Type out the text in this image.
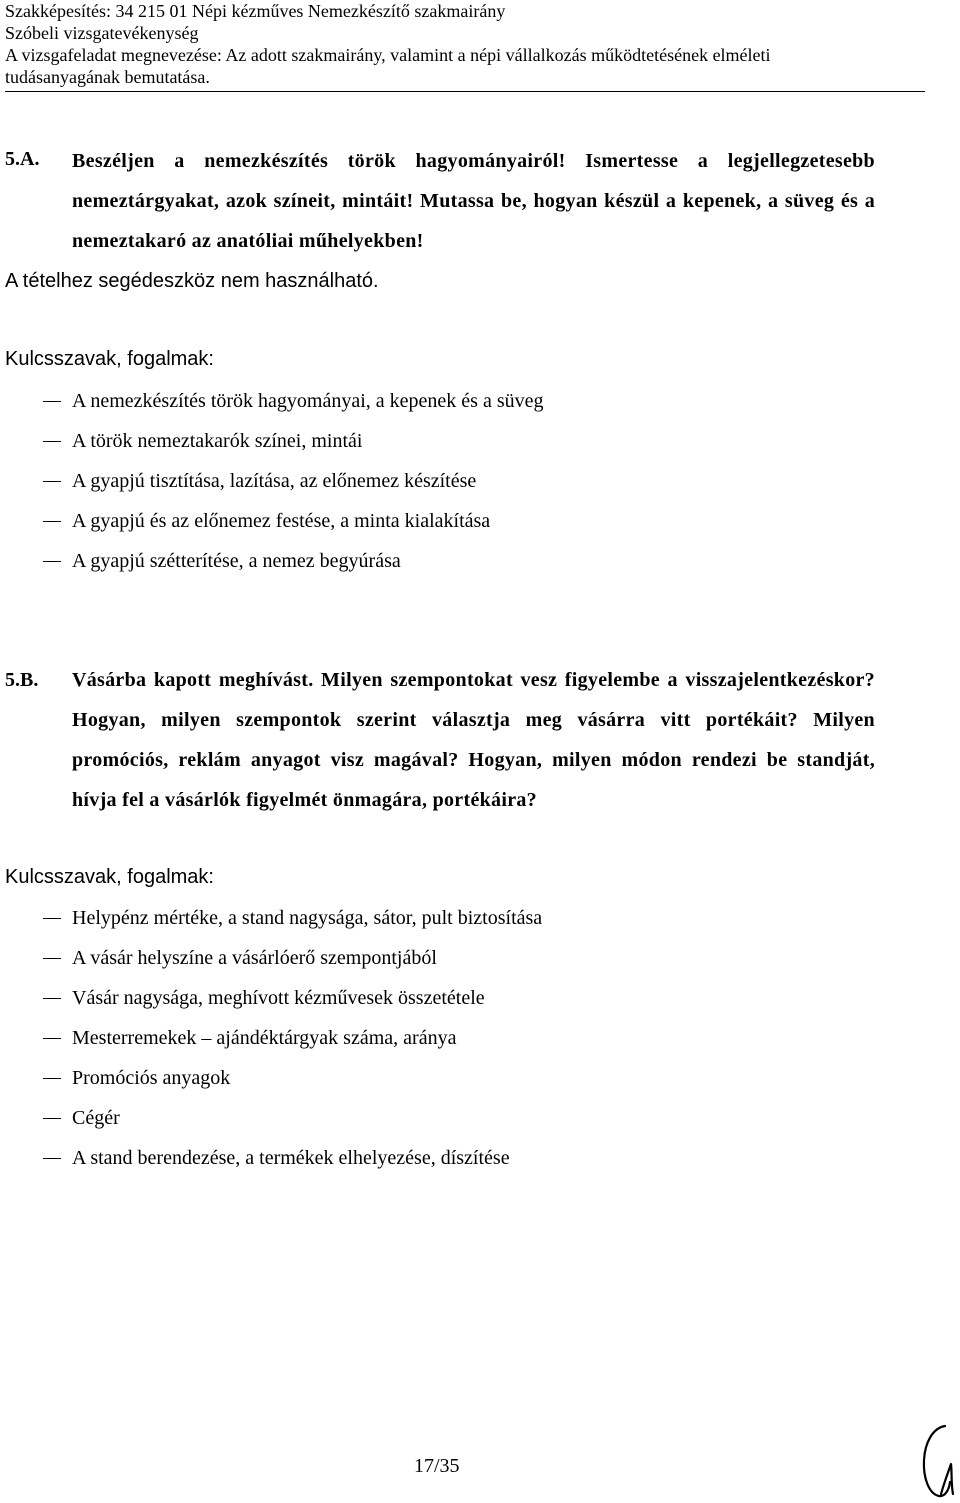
Szakképesítés: 34 215 01 Népi kézműves Nemezkészítő szakmairány
Szóbeli vizsgatevékenység
A vizsgafeladat megnevezése: Az adott szakmairány, valamint a népi vállalkozás működtetésének elméleti
tudásanyagának bemutatása.
5.A. Beszéljen a nemezkészítés török hagyományairól! Ismertesse a legjellegzetesebb nemeztárgyakat, azok színeit, mintáit! Mutassa be, hogyan készül a kepenek, a süveg és a nemeztakaró az anatóliai műhelyekben!
A tételhez segédeszköz nem használható.
Kulcsszavak, fogalmak:
A nemezkészítés török hagyományai, a kepenek és a süveg
A török nemeztakarók színei, mintái
A gyapjú tisztítása, lazítása, az előnemez készítése
A gyapjú és az előnemez festése, a minta kialakítása
A gyapjú szétterítése, a nemez begyúrása
5.B. Vásárba kapott meghívást. Milyen szempontokat vesz figyelembe a visszajelentkezéskor? Hogyan, milyen szempontok szerint választja meg vásárra vitt portékáit? Milyen promóciós, reklám anyagot visz magával? Hogyan, milyen módon rendezi be standját, hívja fel a vásárlók figyelmét önmagára, portékáira?
Kulcsszavak, fogalmak:
Helypénz mértéke, a stand nagysága, sátor, pult biztosítása
A vásár helyszíne a vásárlóerő szempontjából
Vásár nagysága, meghívott kézművesek összetétele
Mesterremekek – ajándéktárgyak száma, aránya
Promóciós anyagok
Cégér
A stand berendezése, a termékek elhelyezése, díszítése
17/35
